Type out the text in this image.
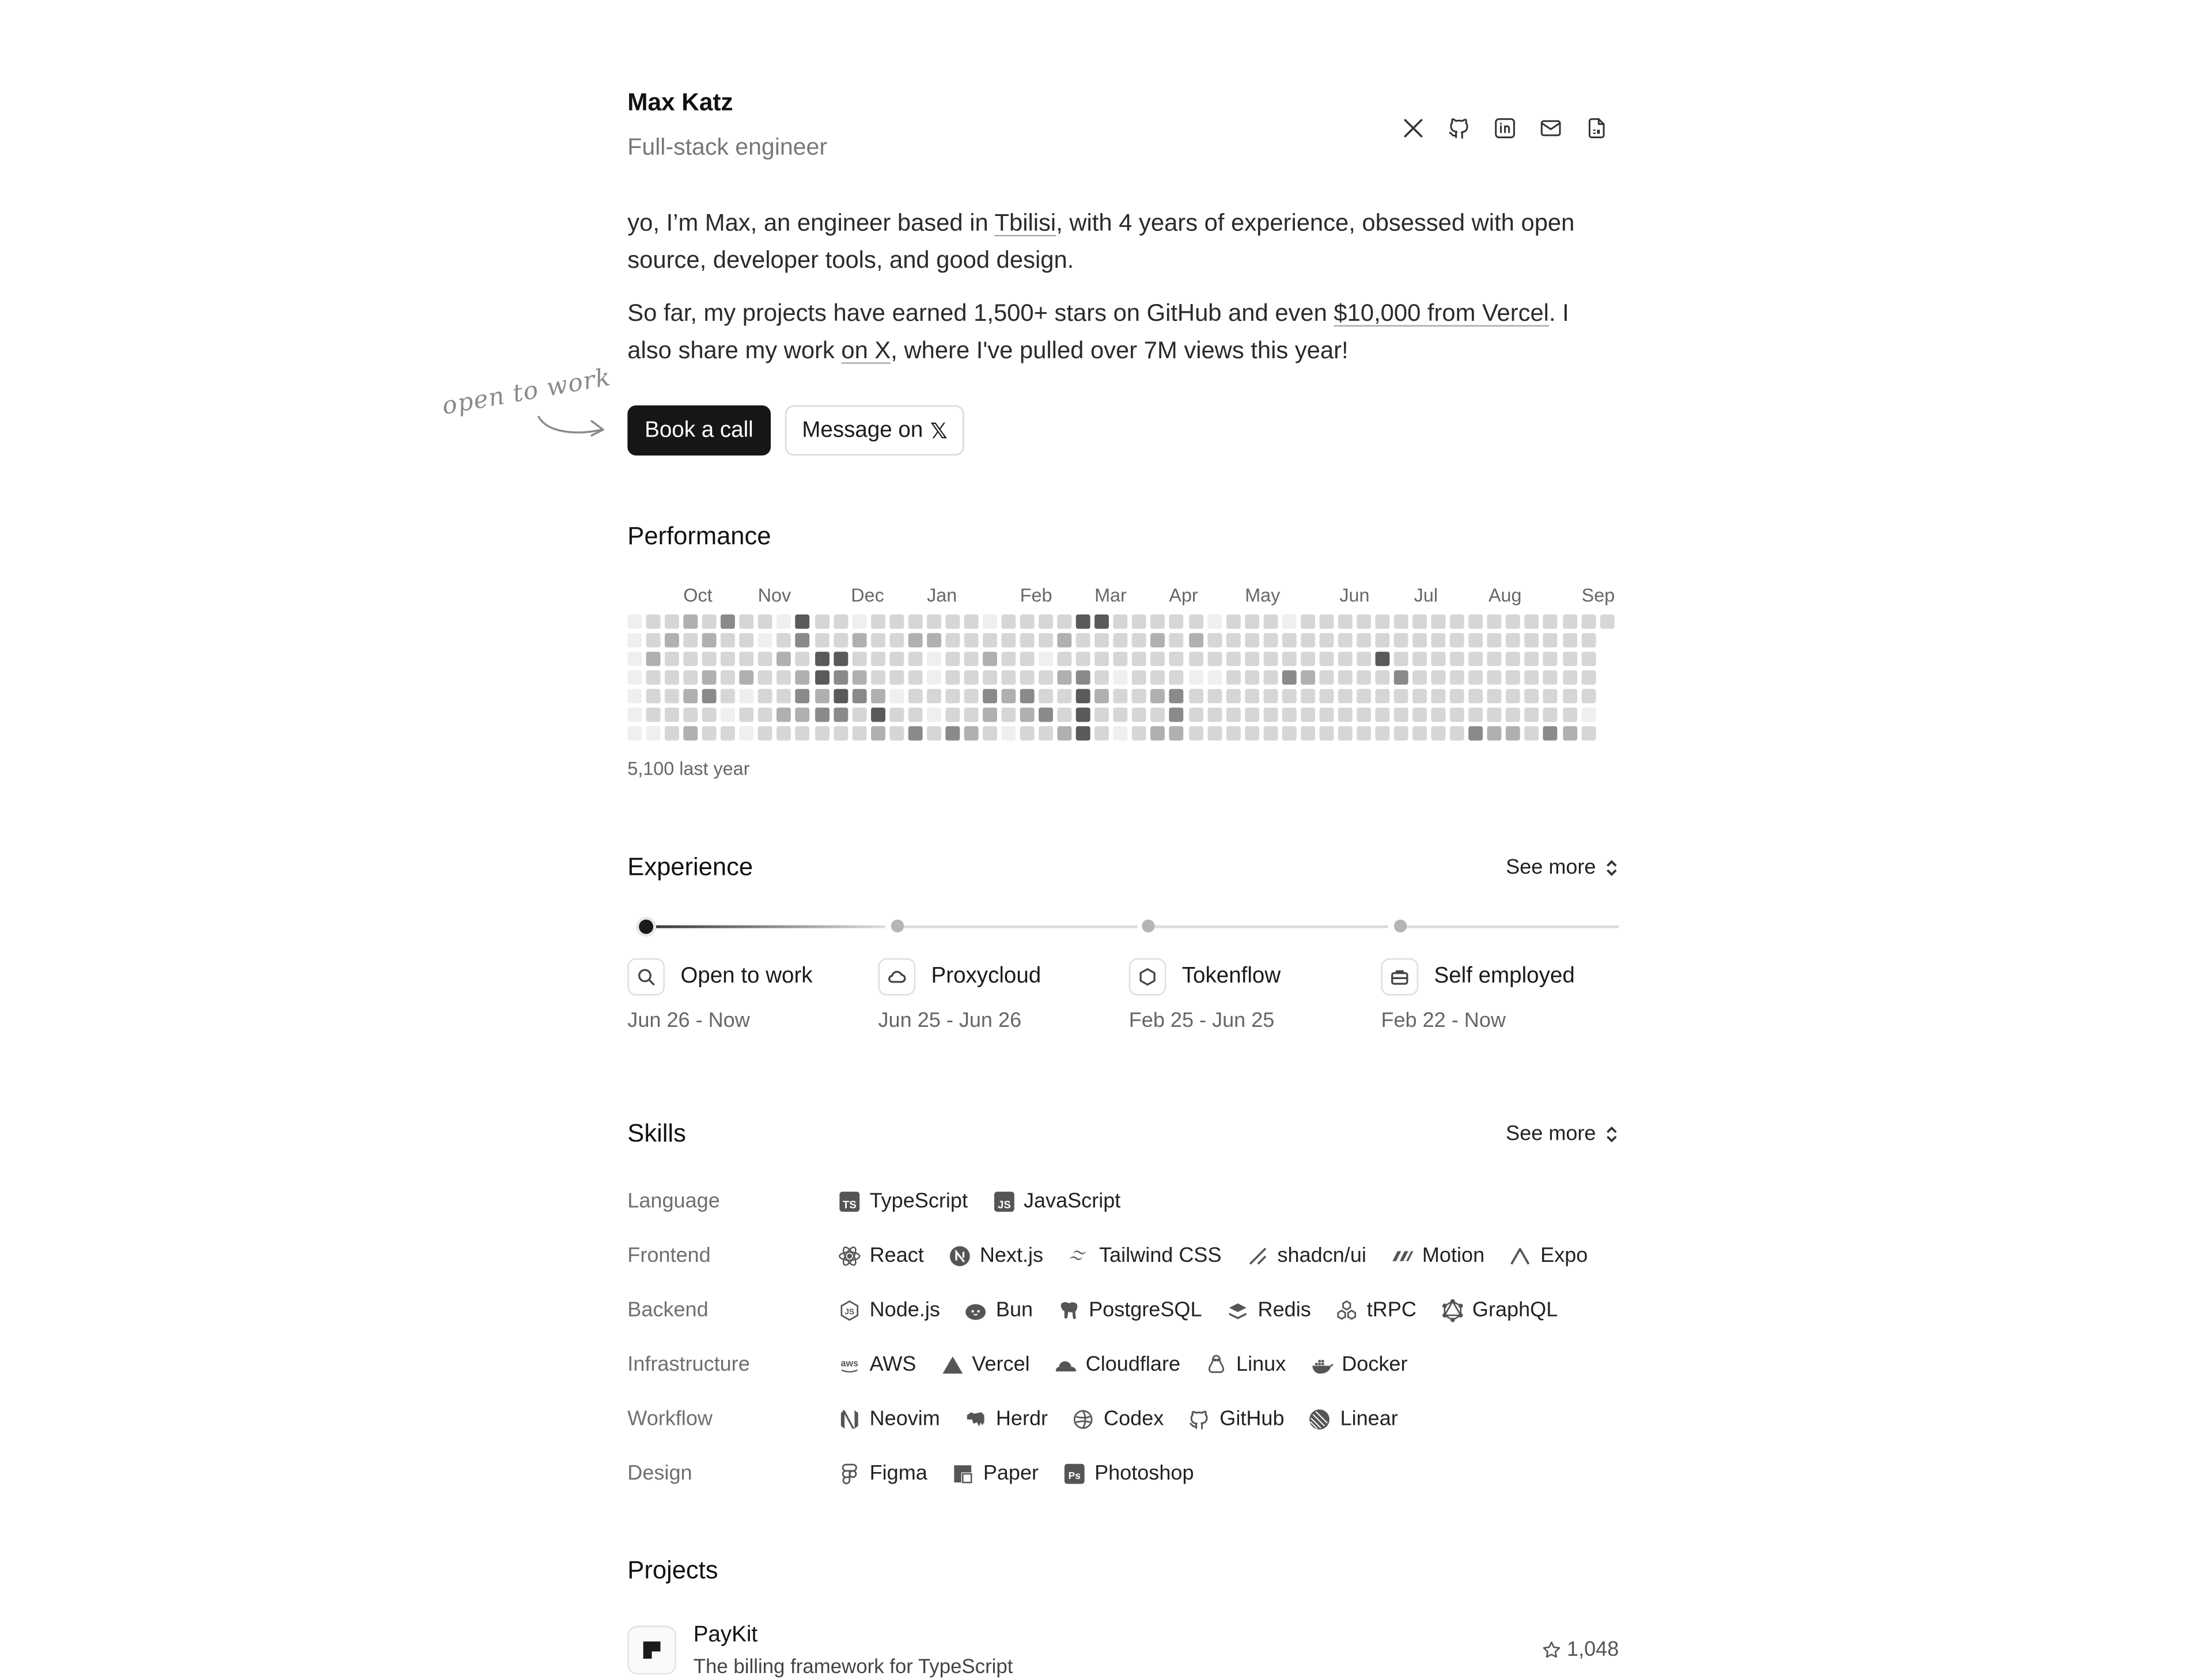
Max Katz
Full-stack engineer

yo, I’m Max, an engineer based in Tbilisi, with 4 years of experience, obsessed with open source, developer tools, and good design.

So far, my projects have earned 1,500+ stars on GitHub and even $10,000 from Vercel. I also share my work on X, where I've pulled over 7M views this year!

open to work
Book a call	Message on 𝕏
Performance
Oct	Nov	Dec	Jan	Feb	Mar	Apr	May	Jun	Jul	Aug	Sep
5,100 last year
Experience	See more
Open to work
Jun 26 - Now
Proxycloud
Jun 25 - Jun 26
Tokenflow
Feb 25 - Jun 25
Self employed
Feb 22 - Now
Skills	See more
Language	TS TypeScript	JS JavaScript
Frontend	React	Next.js	Tailwind CSS	shadcn/ui	Motion	Expo
Backend	JS Node.js	Bun	PostgreSQL	Redis	tRPC	GraphQL
Infrastructure	aws AWS	Vercel	Cloudflare	Linux	Docker
Workflow	Neovim	Herdr	Codex	GitHub	Linear
Design	Figma	Paper	Ps Photoshop
Projects
PayKit
The billing framework for TypeScript
1,048
